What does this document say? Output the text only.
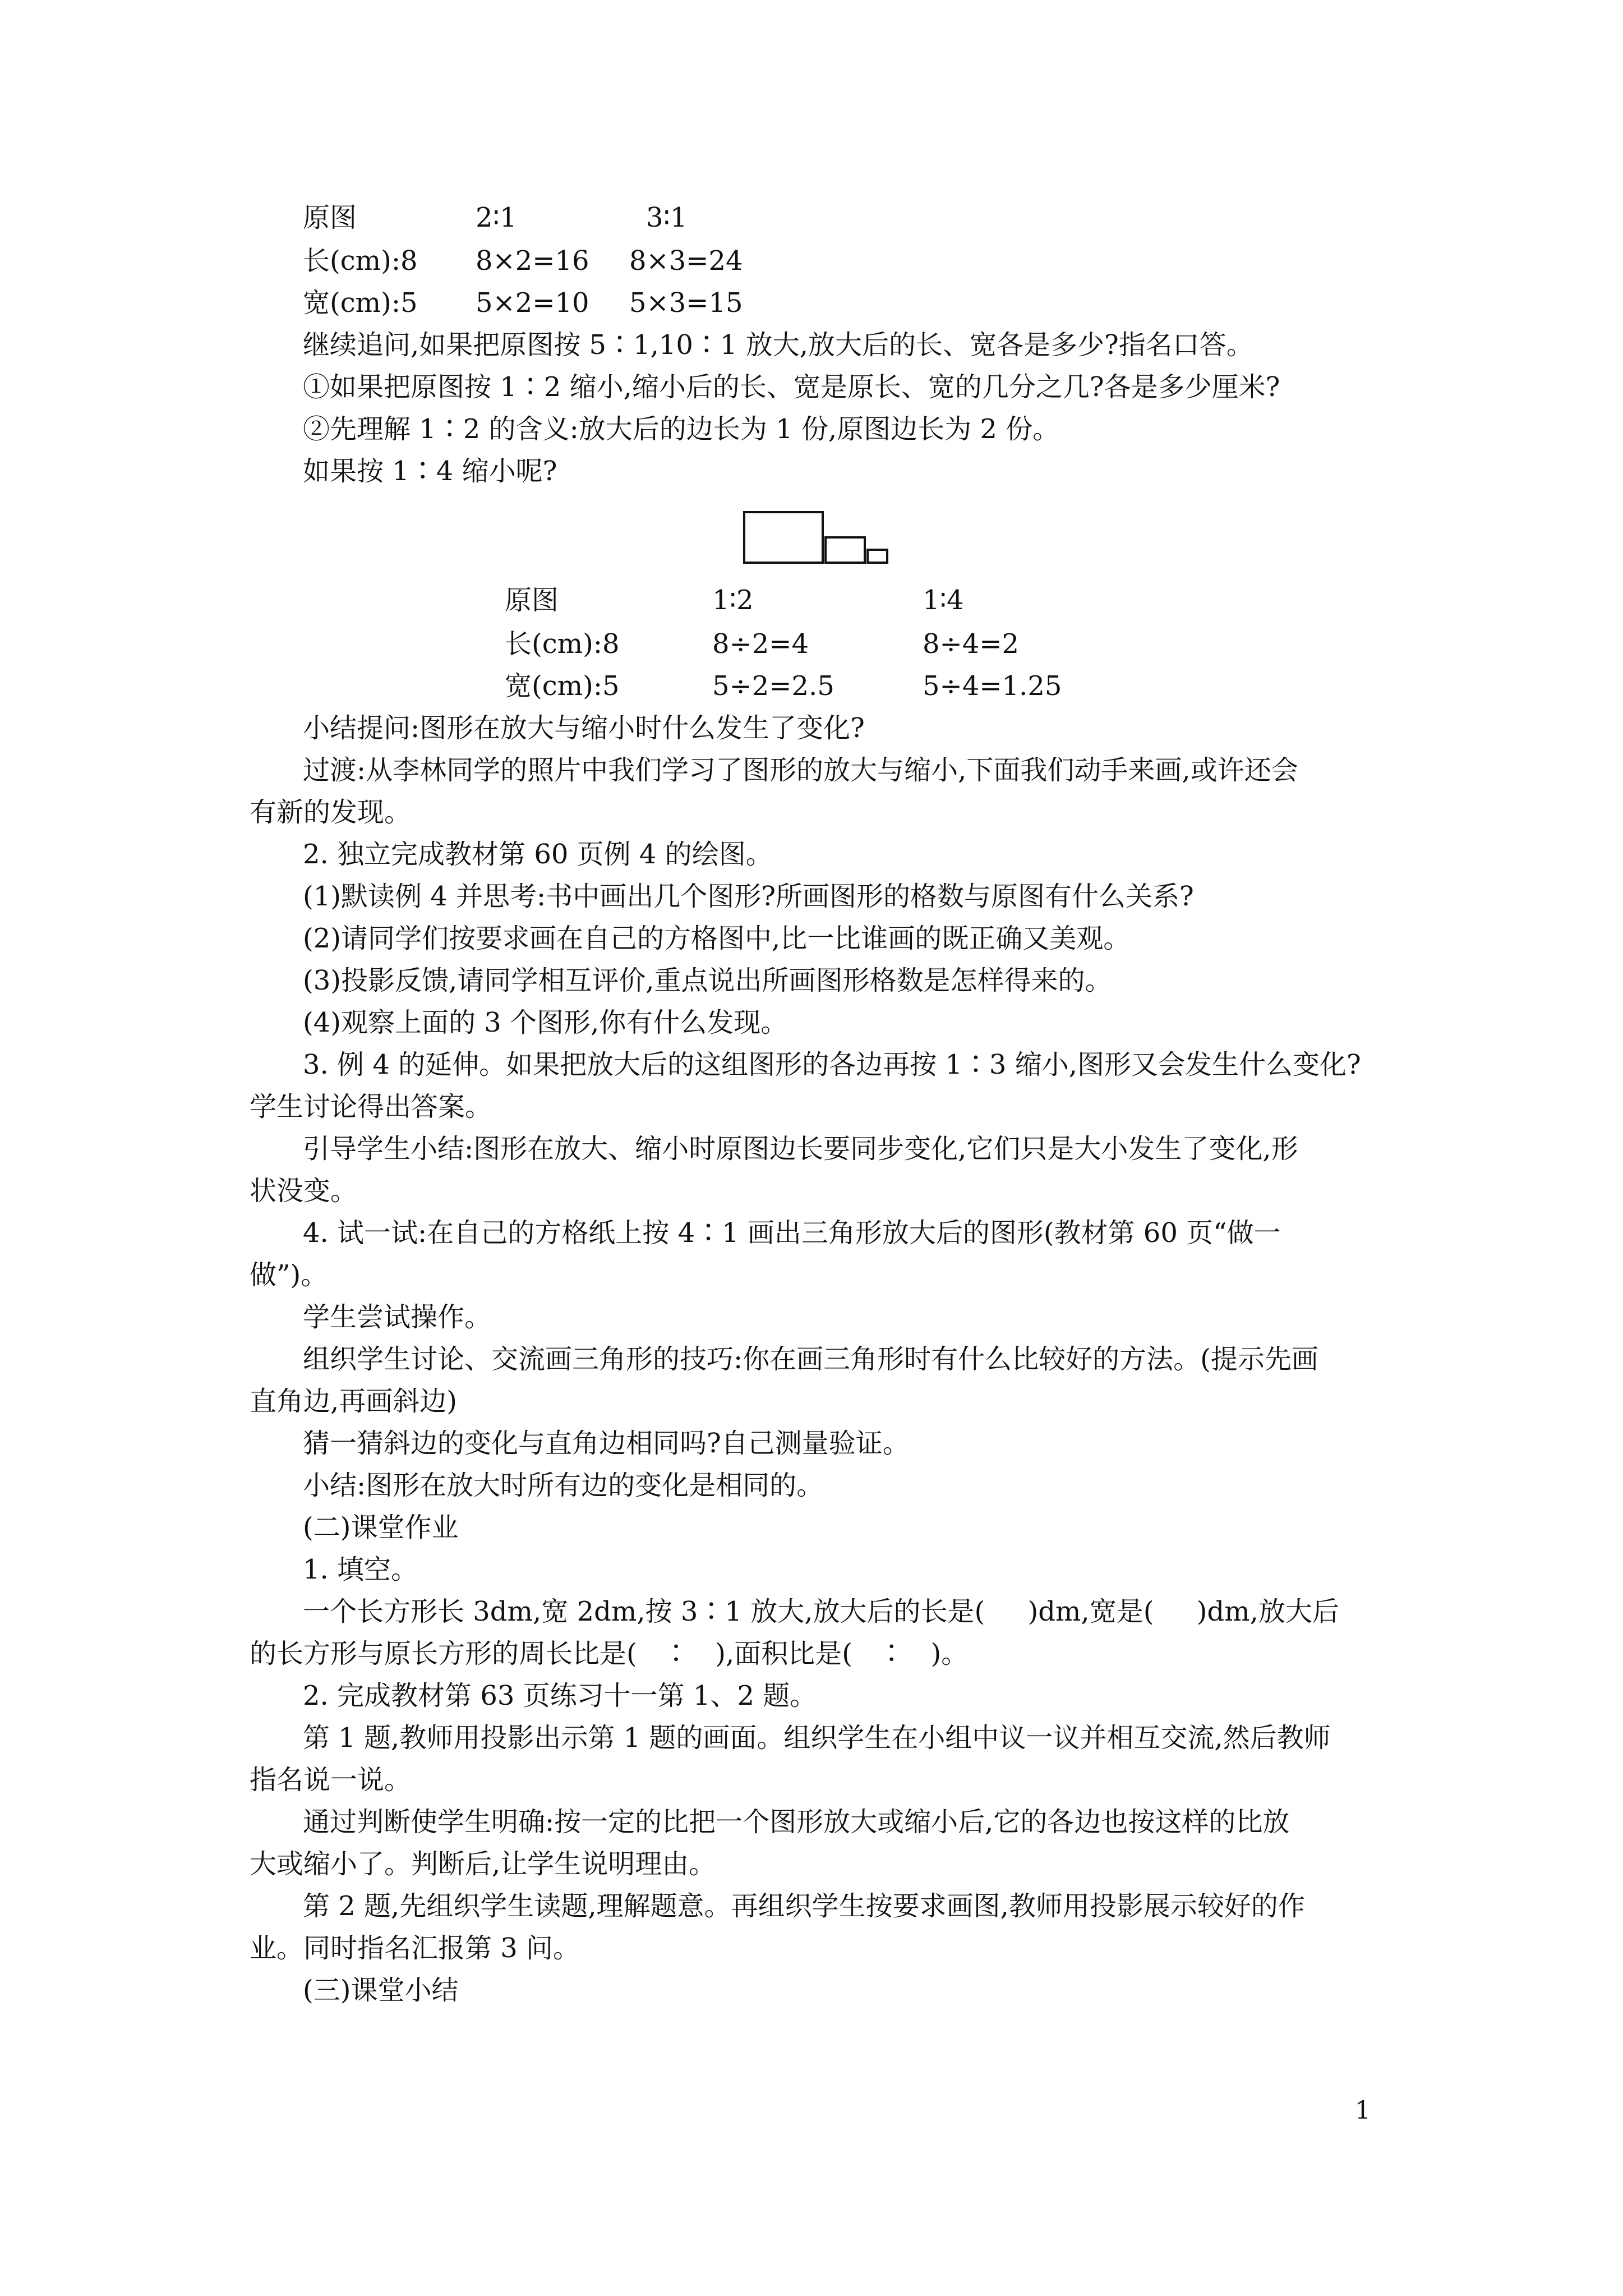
原图	2∶1	3∶1
长(cm):8 8×2=16 8×3=24
宽(cm):5 5×2=10 5×3=15
继续追问,如果把原图按 5∶1,10∶1 放大,放大后的长、宽各是多少?指名口答。
①如果把原图按 1∶2 缩小,缩小后的长、宽是原长、宽的几分之几?各是多少厘米?
②先理解 1∶2 的含义:放大后的边长为 1 份,原图边长为 2 份。
如果按 1∶4 缩小呢?
原图	1∶2	1∶4
长(cm):8	8÷2=4	8÷4=2
宽(cm):5	5÷2=2.5	5÷4=1.25
小结提问:图形在放大与缩小时什么发生了变化?
过渡:从李林同学的照片中我们学习了图形的放大与缩小,下面我们动手来画,或许还会
有新的发现。
2. 独立完成教材第 60 页例 4 的绘图。
(1)默读例 4 并思考:书中画出几个图形?所画图形的格数与原图有什么关系?
(2)请同学们按要求画在自己的方格图中,比一比谁画的既正确又美观。
(3)投影反馈,请同学相互评价,重点说出所画图形格数是怎样得来的。
(4)观察上面的 3 个图形,你有什么发现。
3. 例 4 的延伸。如果把放大后的这组图形的各边再按 1∶3 缩小,图形又会发生什么变化?
学生讨论得出答案。
引导学生小结:图形在放大、缩小时原图边长要同步变化,它们只是大小发生了变化,形
状没变。
4. 试一试:在自己的方格纸上按 4∶1 画出三角形放大后的图形(教材第 60 页“做一
做”)。
学生尝试操作。
组织学生讨论、交流画三角形的技巧:你在画三角形时有什么比较好的方法。(提示先画
直角边,再画斜边)
猜一猜斜边的变化与直角边相同吗?自己测量验证。
小结:图形在放大时所有边的变化是相同的。
(二)课堂作业
1. 填空。
一个长方形长 3dm,宽 2dm,按 3∶1 放大,放大后的长是(     )dm,宽是(     )dm,放大后
的长方形与原长方形的周长比是(   ∶   ),面积比是(   ∶   )。
2. 完成教材第 63 页练习十一第 1、2 题。
第 1 题,教师用投影出示第 1 题的画面。组织学生在小组中议一议并相互交流,然后教师
指名说一说。
通过判断使学生明确:按一定的比把一个图形放大或缩小后,它的各边也按这样的比放
大或缩小了。判断后,让学生说明理由。
第 2 题,先组织学生读题,理解题意。再组织学生按要求画图,教师用投影展示较好的作
业。同时指名汇报第 3 问。
(三)课堂小结
1
